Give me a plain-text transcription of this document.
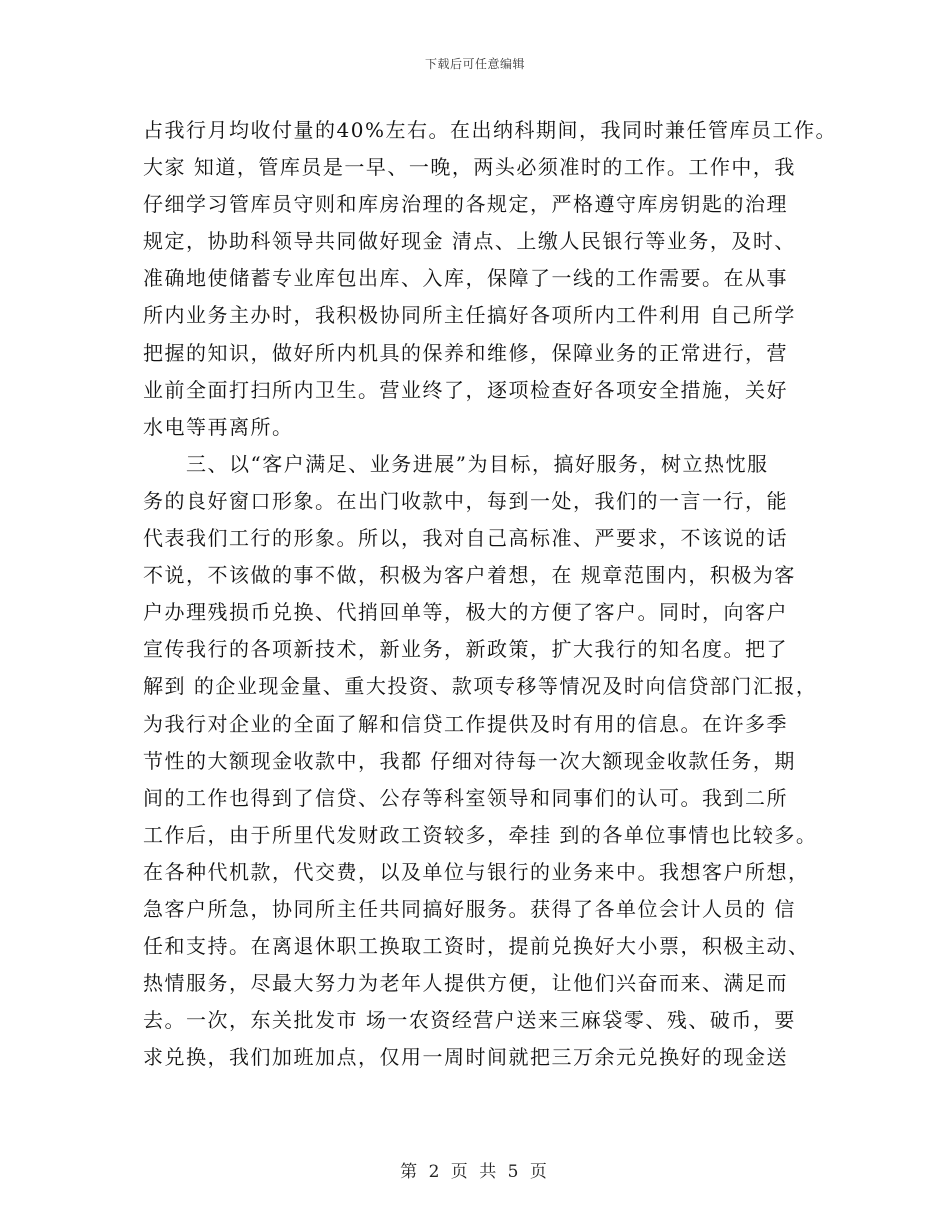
下载后可任意编辑
占我行月均收付量的40%左右。在出纳科期间，我同时兼任管库员工作。
大家 知道，管库员是一早、一晚，两头必须准时的工作。工作中，我
仔细学习管库员守则和库房治理的各规定，严格遵守库房钥匙的治理
规定，协助科领导共同做好现金 清点、上缴人民银行等业务，及时、
准确地使储蓄专业库包出库、入库，保障了一线的工作需要。在从事
所内业务主办时，我积极协同所主任搞好各项所内工件利用 自己所学
把握的知识，做好所内机具的保养和维修，保障业务的正常进行，营
业前全面打扫所内卫生。营业终了，逐项检查好各项安全措施，关好
水电等再离所。
　　三、以“客户满足、业务进展”为目标，搞好服务，树立热忱服
务的良好窗口形象。在出门收款中，每到一处，我们的一言一行，能
代表我们工行的形象。所以，我对自己高标准、严要求，不该说的话
不说，不该做的事不做，积极为客户着想，在 规章范围内，积极为客
户办理残损币兑换、代捎回单等，极大的方便了客户。同时，向客户
宣传我行的各项新技术，新业务，新政策，扩大我行的知名度。把了
解到 的企业现金量、重大投资、款项专移等情况及时向信贷部门汇报，
为我行对企业的全面了解和信贷工作提供及时有用的信息。在许多季
节性的大额现金收款中，我都 仔细对待每一次大额现金收款任务，期
间的工作也得到了信贷、公存等科室领导和同事们的认可。我到二所
工作后，由于所里代发财政工资较多，牵挂 到的各单位事情也比较多。
在各种代机款，代交费，以及单位与银行的业务来中。我想客户所想，
急客户所急，协同所主任共同搞好服务。获得了各单位会计人员的 信
任和支持。在离退休职工换取工资时，提前兑换好大小票，积极主动、
热情服务，尽最大努力为老年人提供方便，让他们兴奋而来、满足而
去。一次，东关批发市 场一农资经营户送来三麻袋零、残、破币，要
求兑换，我们加班加点，仅用一周时间就把三万余元兑换好的现金送
第 2 页 共 5 页
